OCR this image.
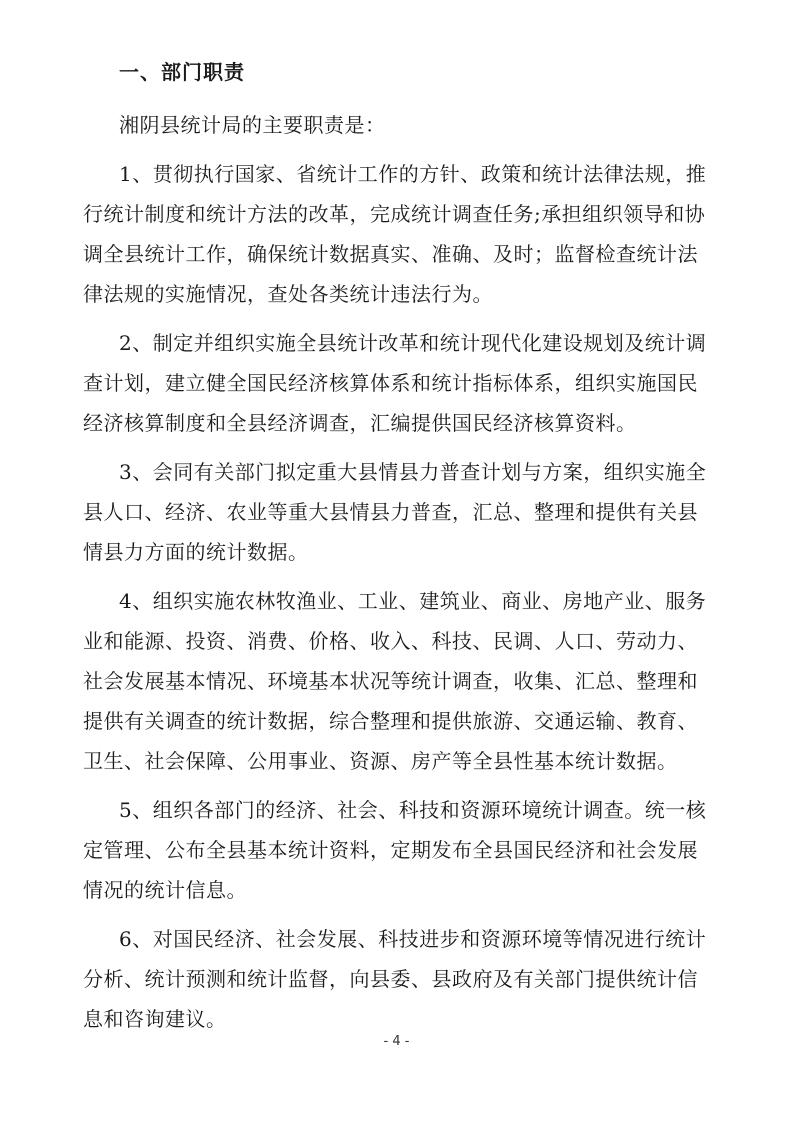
一、部门职责

湘阴县统计局的主要职责是：

1、贯彻执行国家、省统计工作的方针、政策和统计法律法规，推
行统计制度和统计方法的改革，完成统计调查任务;承担组织领导和协
调全县统计工作，确保统计数据真实、准确、及时；监督检查统计法
律法规的实施情况，查处各类统计违法行为。
2、制定并组织实施全县统计改革和统计现代化建设规划及统计调
查计划，建立健全国民经济核算体系和统计指标体系，组织实施国民
经济核算制度和全县经济调查，汇编提供国民经济核算资料。
3、会同有关部门拟定重大县情县力普查计划与方案，组织实施全
县人口、经济、农业等重大县情县力普查，汇总、整理和提供有关县
情县力方面的统计数据。
4、组织实施农林牧渔业、工业、建筑业、商业、房地产业、服务
业和能源、投资、消费、价格、收入、科技、民调、人口、劳动力、
社会发展基本情况、环境基本状况等统计调查，收集、汇总、整理和
提供有关调查的统计数据，综合整理和提供旅游、交通运输、教育、
卫生、社会保障、公用事业、资源、房产等全县性基本统计数据。
5、组织各部门的经济、社会、科技和资源环境统计调查。统一核
定管理、公布全县基本统计资料，定期发布全县国民经济和社会发展
情况的统计信息。
6、对国民经济、社会发展、科技进步和资源环境等情况进行统计
分析、统计预测和统计监督，向县委、县政府及有关部门提供统计信
息和咨询建议。
- 4 -
